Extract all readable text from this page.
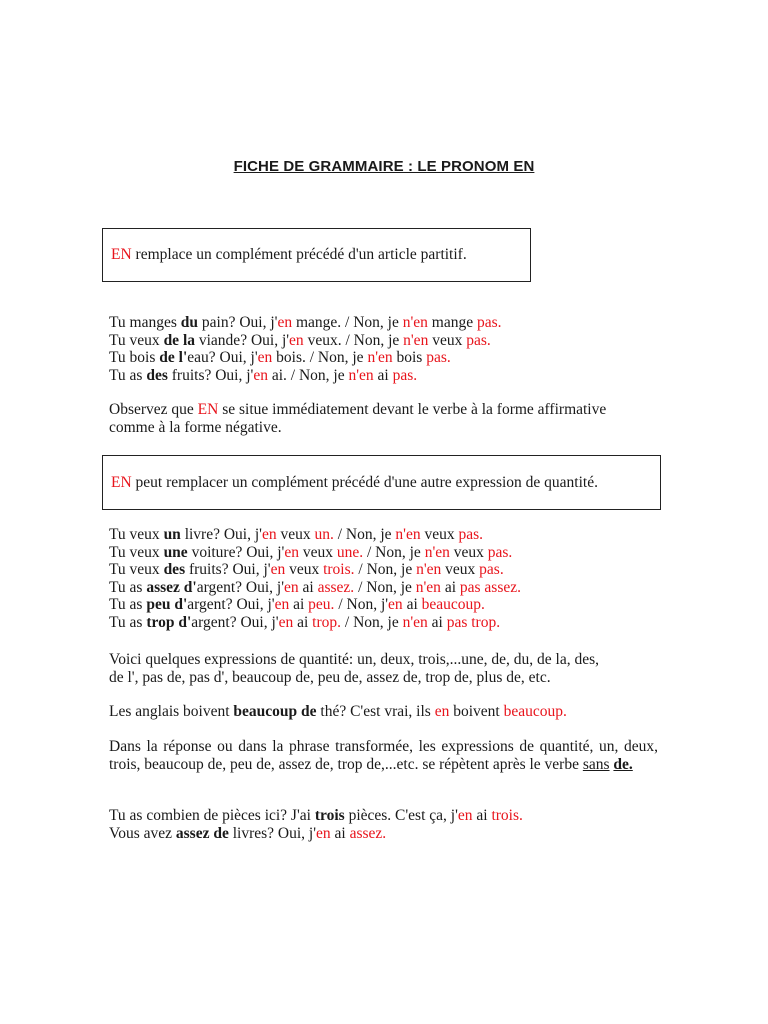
FICHE DE GRAMMAIRE : LE PRONOM EN
EN remplace un complément précédé d'un article partitif.
Tu manges du pain? Oui, j'en mange. / Non, je n'en mange pas.
Tu veux de la viande? Oui, j'en veux. / Non, je n'en veux pas.
Tu bois de l'eau? Oui, j'en bois. / Non, je n'en bois pas.
Tu as des fruits? Oui, j'en ai. / Non, je n'en ai pas.
Observez que EN se situe immédiatement devant le verbe à la forme affirmative
comme à la forme négative.
EN peut remplacer un complément précédé d'une autre expression de quantité.
Tu veux un livre? Oui, j'en veux un. / Non, je n'en veux pas.
Tu veux une voiture? Oui, j'en veux une. / Non, je n'en veux pas.
Tu veux des fruits? Oui, j'en veux trois. / Non, je n'en veux pas.
Tu as assez d'argent? Oui, j'en ai assez. / Non, je n'en ai pas assez.
Tu as peu d'argent? Oui, j'en ai peu. / Non, j'en ai beaucoup.
Tu as trop d'argent? Oui, j'en ai trop. / Non, je n'en ai pas trop.
Voici quelques expressions de quantité: un, deux, trois,...une, de, du, de la, des,
de l', pas de, pas d', beaucoup de, peu de, assez de, trop de, plus de, etc.
Les anglais boivent beaucoup de thé? C'est vrai, ils en boivent beaucoup.
Dans la réponse ou dans la phrase transformée, les expressions de quantité, un, deux, trois, beaucoup de, peu de, assez de, trop de,...etc. se répètent après le verbe sans de.
Tu as combien de pièces ici? J'ai trois pièces. C'est ça, j'en ai trois.
Vous avez assez de livres? Oui, j'en ai assez.
